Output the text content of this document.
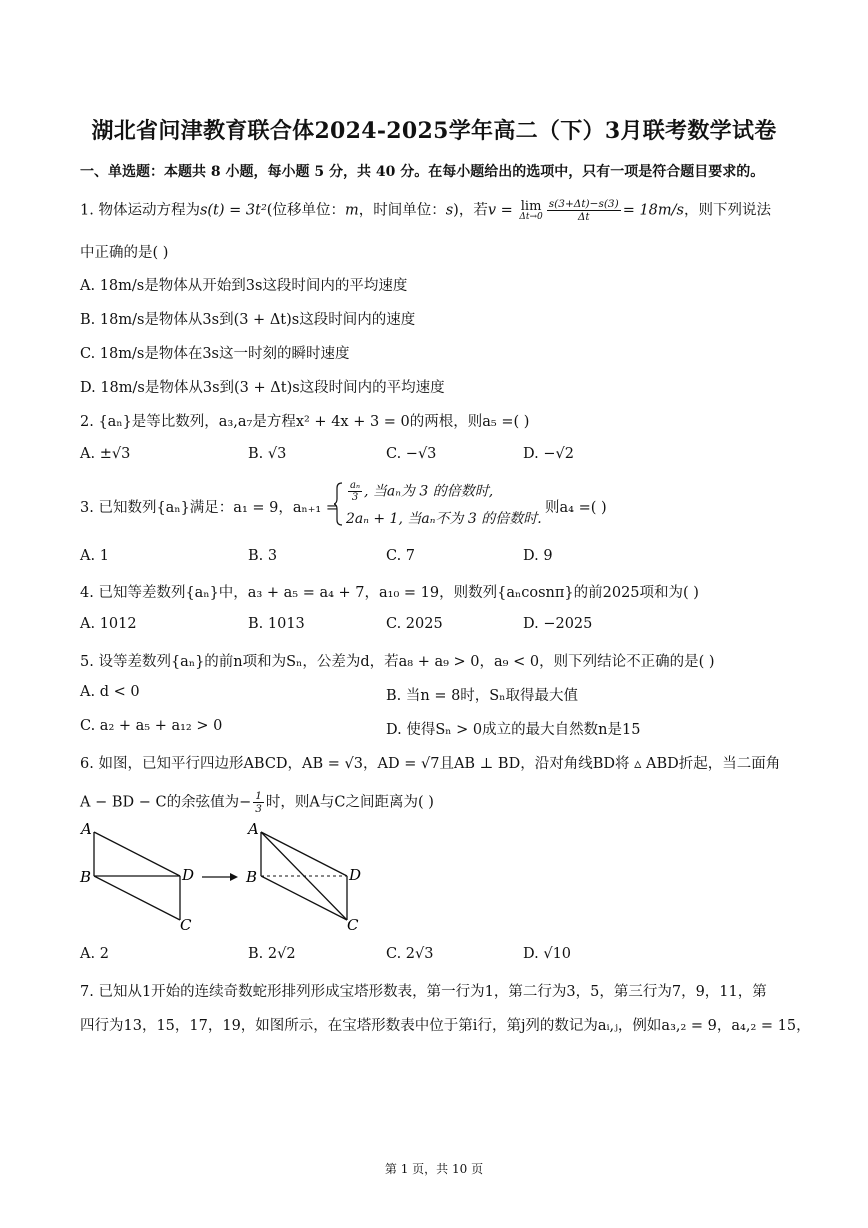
湖北省问津教育联合体2024-2025学年高二（下）3月联考数学试卷
一、单选题：本题共 8 小题，每小题 5 分，共 40 分。在每小题给出的选项中，只有一项是符合题目要求的。
1. 物体运动方程为s(t) = 3t²(位移单位：m，时间单位：s)，若v = lim
$\Delta t\to 0 \frac{s(3+\Delta t)-s(3)}{\Delta t} = 18m/s$，则下列说法
中正确的是( )
A. 18m/s是物体从开始到3s这段时间内的平均速度
B. 18m/s是物体从3s到(3 + Δt)s这段时间内的速度
C. 18m/s是物体在3s这一时刻的瞬时速度
D. 18m/s是物体从3s到(3 + Δt)s这段时间内的平均速度
2. {aₙ}是等比数列，a₃,a₇是方程x² + 4x + 3 = 0的两根，则a₅ =( )
A. ±√3	B. √3	C. −√3	D. −√2
3. 已知数列{aₙ}满足：a₁ = 9，aₙ₊₁ =
$\frac{\text{aₙ}}{3}$ , 当aₙ为 3 的倍数时,
2aₙ + 1, 当aₙ不为 3 的倍数时.
则a₄ =( )
A. 1	B. 3	C. 7	D. 9
4. 已知等差数列{aₙ}中，a₃ + a₅ = a₄ + 7，a₁₀ = 19，则数列{aₙcosnπ}的前2025项和为( )
A. 1012	B. 1013	C. 2025	D. −2025
5. 设等差数列{aₙ}的前n项和为Sₙ，公差为d，若a₈ + a₉ > 0，a₉ < 0，则下列结论不正确的是( )
A. d < 0	B. 当n = 8时，Sₙ取得最大值
C. a₂ + a₅ + a₁₂ > 0	D. 使得Sₙ > 0成立的最大自然数n是15
6. 如图，已知平行四边形ABCD，AB = √3，AD = √7且AB ⊥ BD，沿对角线BD将 ▵ ABD折起，当二面角
A − BD − C的余弦值为− $\frac{1}{3}$ 时，则A与C之间距离为( )
A
B	D
C
A
B	D
C
A. 2	B. 2√2	C. 2√3	D. √10
7. 已知从1开始的连续奇数蛇形排列形成宝塔形数表，第一行为1，第二行为3，5，第三行为7，9，11，第
四行为13，15，17，19，如图所示，在宝塔形数表中位于第i行，第j列的数记为aᵢ,ⱼ，例如a₃,₂ = 9，a₄,₂ = 15，
第 1 页，共 10 页
